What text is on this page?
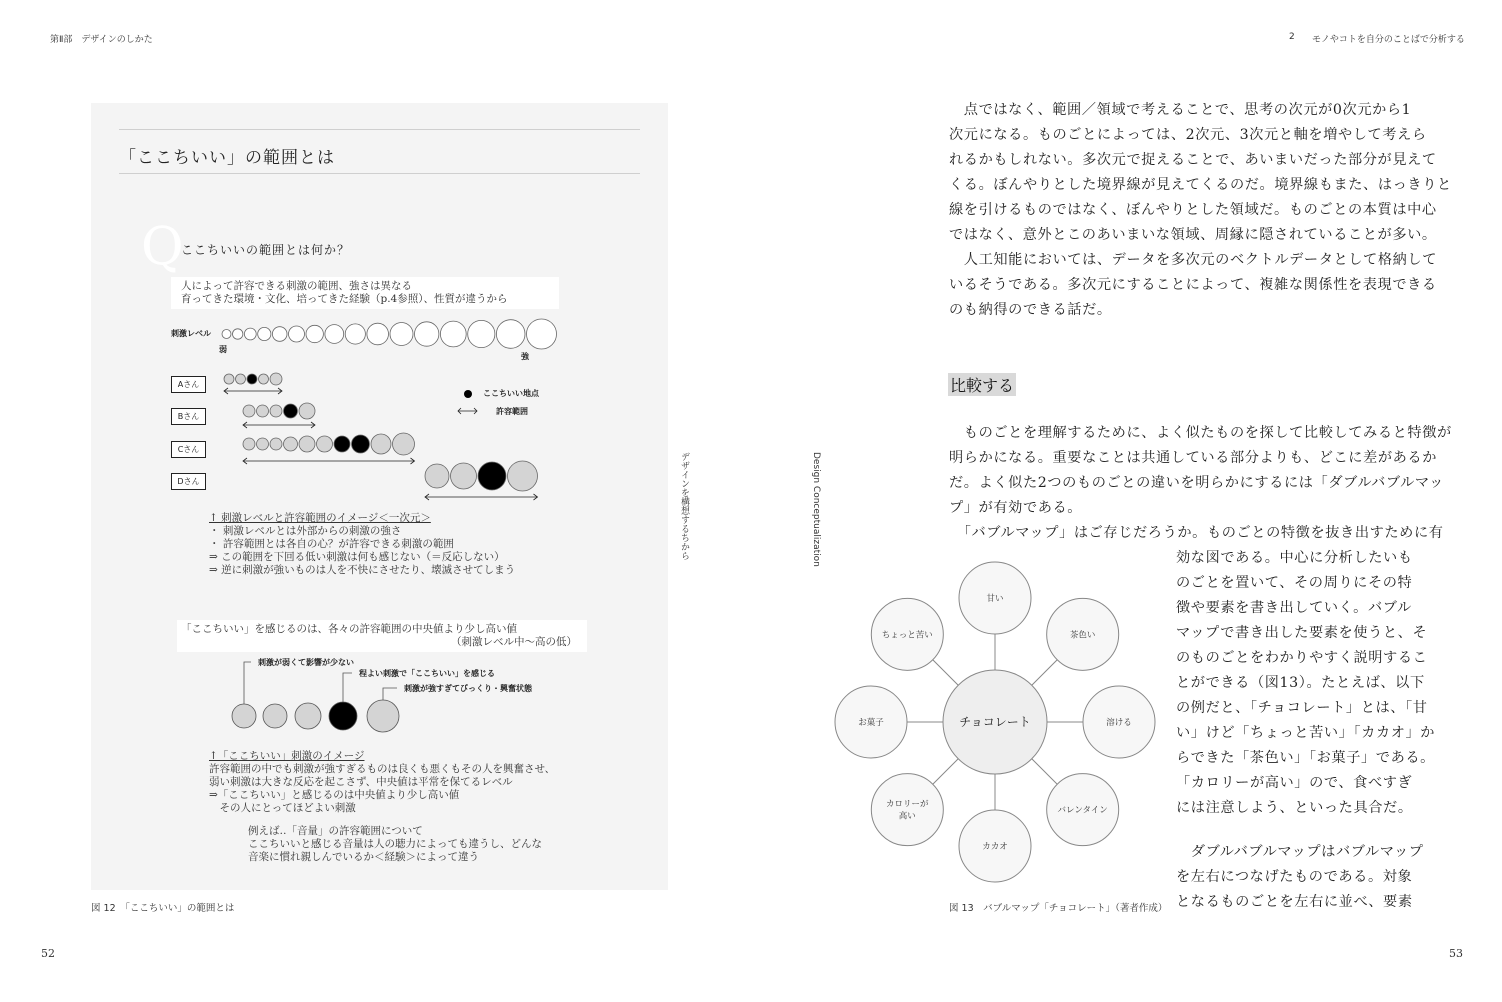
第Ⅱ部　デザインのしかた
「ここちいい」の範囲とは
Q
ここちいいの範囲とは何か？
人によって許容できる刺激の範囲、強さは異なる
育ってきた環境・文化、培ってきた経験（p.4参照）、性質が違うから
刺激レベル
弱
強
Aさん
Bさん
Cさん
Dさん
ここちいい地点
許容範囲
↑ 刺激レベルと許容範囲のイメージ＜一次元＞
・ 刺激レベルとは外部からの刺激の強さ
・ 許容範囲とは各自の心？が許容できる刺激の範囲
⇒ この範囲を下回る低い刺激は何も感じない（＝反応しない）
⇒ 逆に刺激が強いものは人を不快にさせたり、壊滅させてしまう
「ここちいい」を感じるのは、各々の許容範囲の中央値より少し高い値
（刺激レベル中～高の低）
刺激が弱くて影響が少ない
程よい刺激で「ここちいい」を感じる
刺激が強すぎてびっくり・興奮状態
↑「ここちいい」刺激のイメージ
許容範囲の中でも刺激が強すぎるものは良くも悪くもその人を興奮させ、
弱い刺激は大きな反応を起こさず、中央値は平常を保てるレベル
⇒「ここちいい」と感じるのは中央値より少し高い値
　その人にとってほどよい刺激
例えば‥「音量」の許容範囲について
ここちいいと感じる音量は人の聴力によっても違うし、どんな
音楽に慣れ親しんでいるか＜経験＞によって違う
図 12　「ここちいい」の範囲とは
52
デザインを構想するちから
2 モノやコトを自分のことばで分析する
Design Conceptualization
　点ではなく、範囲／領域で考えることで、思考の次元が0次元から1
次元になる。ものごとによっては、2次元、3次元と軸を増やして考えら
れるかもしれない。多次元で捉えることで、あいまいだった部分が見えて
くる。ぼんやりとした境界線が見えてくるのだ。境界線もまた、はっきりと
線を引けるものではなく、ぼんやりとした領域だ。ものごとの本質は中心
ではなく、意外とこのあいまいな領域、周縁に隠されていることが多い。
　人工知能においては、データを多次元のベクトルデータとして格納して
いるそうである。多次元にすることによって、複雑な関係性を表現できる
のも納得のできる話だ。
比較する
　ものごとを理解するために、よく似たものを探して比較してみると特徴が
明らかになる。重要なことは共通している部分よりも、どこに差があるか
だ。よく似た2つのものごとの違いを明らかにするには「ダブルバブルマッ
プ」が有効である。
　「バブルマップ」はご存じだろうか。ものごとの特徴を抜き出すために有
効な図である。中心に分析したいも
のごとを置いて、その周りにその特
徴や要素を書き出していく。バブル
マップで書き出した要素を使うと、そ
のものごとをわかりやすく説明するこ
とができる（図13）。たとえば、以下
の例だと、「チョコレート」とは、「甘
い」けど「ちょっと苦い」「カカオ」か
らできた「茶色い」「お菓子」である。
「カロリーが高い」ので、食べすぎ
には注意しよう、といった具合だ。
　ダブルバブルマップはバブルマップ
を左右につなげたものである。対象
となるものごとを左右に並べ、要素
甘い
茶色い
溶ける
バレンタイン
カカオ
カロリーが
高い
お菓子
ちょっと苦い
チョコレート
図 13　バブルマップ「チョコレート」（著者作成）
53
